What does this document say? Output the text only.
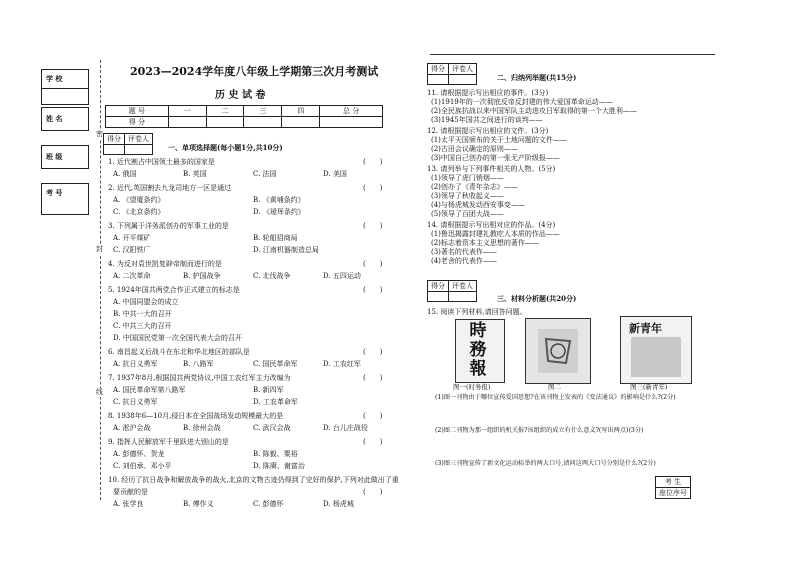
学 校
姓 名
班 级
考 号
密
封
线
2023—2024学年度八年级上学期第三次月考测试
历 史 试 卷
题 号	一	二	三	四	总 分
得 分					
得分	评卷人

一、单项选择题(每小题1分,共10分)
1. 近代割占中国领土最多的国家是	(　　)
A. 俄国	B. 英国	C. 法国	D. 美国
2. 近代,英国割去九龙司地方一区是通过	(　　)
A. 《望厦条约》	B. 《黄埔条约》
C. 《北京条约》	D. 《瑷珲条约》
3. 下列属于洋务派创办的军事工业的是	(　　)
A. 开平煤矿	B. 轮船招商局
C. 汉阳铁厂	D. 江南机器制造总局
4. 为反对袁世凯复辟帝制而进行的是	(　　)
A. 二次革命	B. 护国战争	C. 北伐战争	D. 五四运动
5. 1924年国共两党合作正式建立的标志是	(　　)
A. 中国同盟会的成立
B. 中共一大的召开
C. 中共三大的召开
D. 中国国民党第一次全国代表大会的召开
6. 南昌起义后战斗在东北和华北地区的部队是	(　　)
A. 抗日义勇军	B. 八路军	C. 国民革命军	D. 工农红军
7. 1937年8月,根据国共两党协议,中国工农红军主力改编为	(　　)
A. 国民革命军第八路军	B. 新四军
C. 抗日义勇军	D. 工农革命军
8. 1938年6—10月,侵日本在全国战场发动规模最大的是	(　　)
A. 淞沪会战	B. 徐州会战	C. 武汉会战	D. 台儿庄战役
9. 指挥人民解放军千里跃进大别山的是	(　　)
A. 彭德怀、贺龙	B. 陈毅、粟裕
C. 刘伯承、邓小平	D. 陈赓、谢富治
10. 经历了抗日战争和解放战争的战火,北京的文物古迹仍得到了完好的保护,下列对此做出了重
要贡献的是	(　　)
A. 张学良	B. 傅作义	C. 彭德怀	D. 杨虎城
得分	评卷人

二、归纳列举题(共15分)
11. 请根据提示写出相应的事件。(3分)
(1)1919年的一次彻底反帝反封建的伟大爱国革命运动——
(2)全民族抗战以来中国军队主动进攻日军取得的第一个大胜利——
(3)1945年国共之间进行的谈判——
12. 请根据提示写出相应的文件。(3分)
(1)太平天国颁布的关于土地问题的文件——
(2)古田会议确定的原则——
(3)中国自己创办的第一张无产阶级报——
13. 请列举与下列事件相关的人物。(5分)
(1)领导了虎门销烟——
(2)创办了《青年杂志》——
(3)领导了秋收起义——
(4)与杨虎城发动西安事变——
(5)领导了百团大战——
14. 请根据提示写出相对应的作品。(4分)
(1)鲁迅揭露封建礼教吃人本质的作品——
(2)标志着资本主义思想的著作——
(3)著名的代表作——
(4)老舍的代表作——
得分	评卷人

三、材料分析题(共20分)
15. 阅读下列材料,请回答问题。
時務報
图一(时务报)	图二
新青年
图三(新青年)
(1)图一刊物由于哪位宣传爱国思想?在该刊物上发表的《变法通议》的影响是什么?(2分)
(2)图二刊物为那一组织的机关报?该组织的成立有什么意义?(写出两点)(3分)
(3)图三刊物宣传了新文化运动标举的两大口号,请问这两大口号分别是什么?(2分)
考 生
座位序号
